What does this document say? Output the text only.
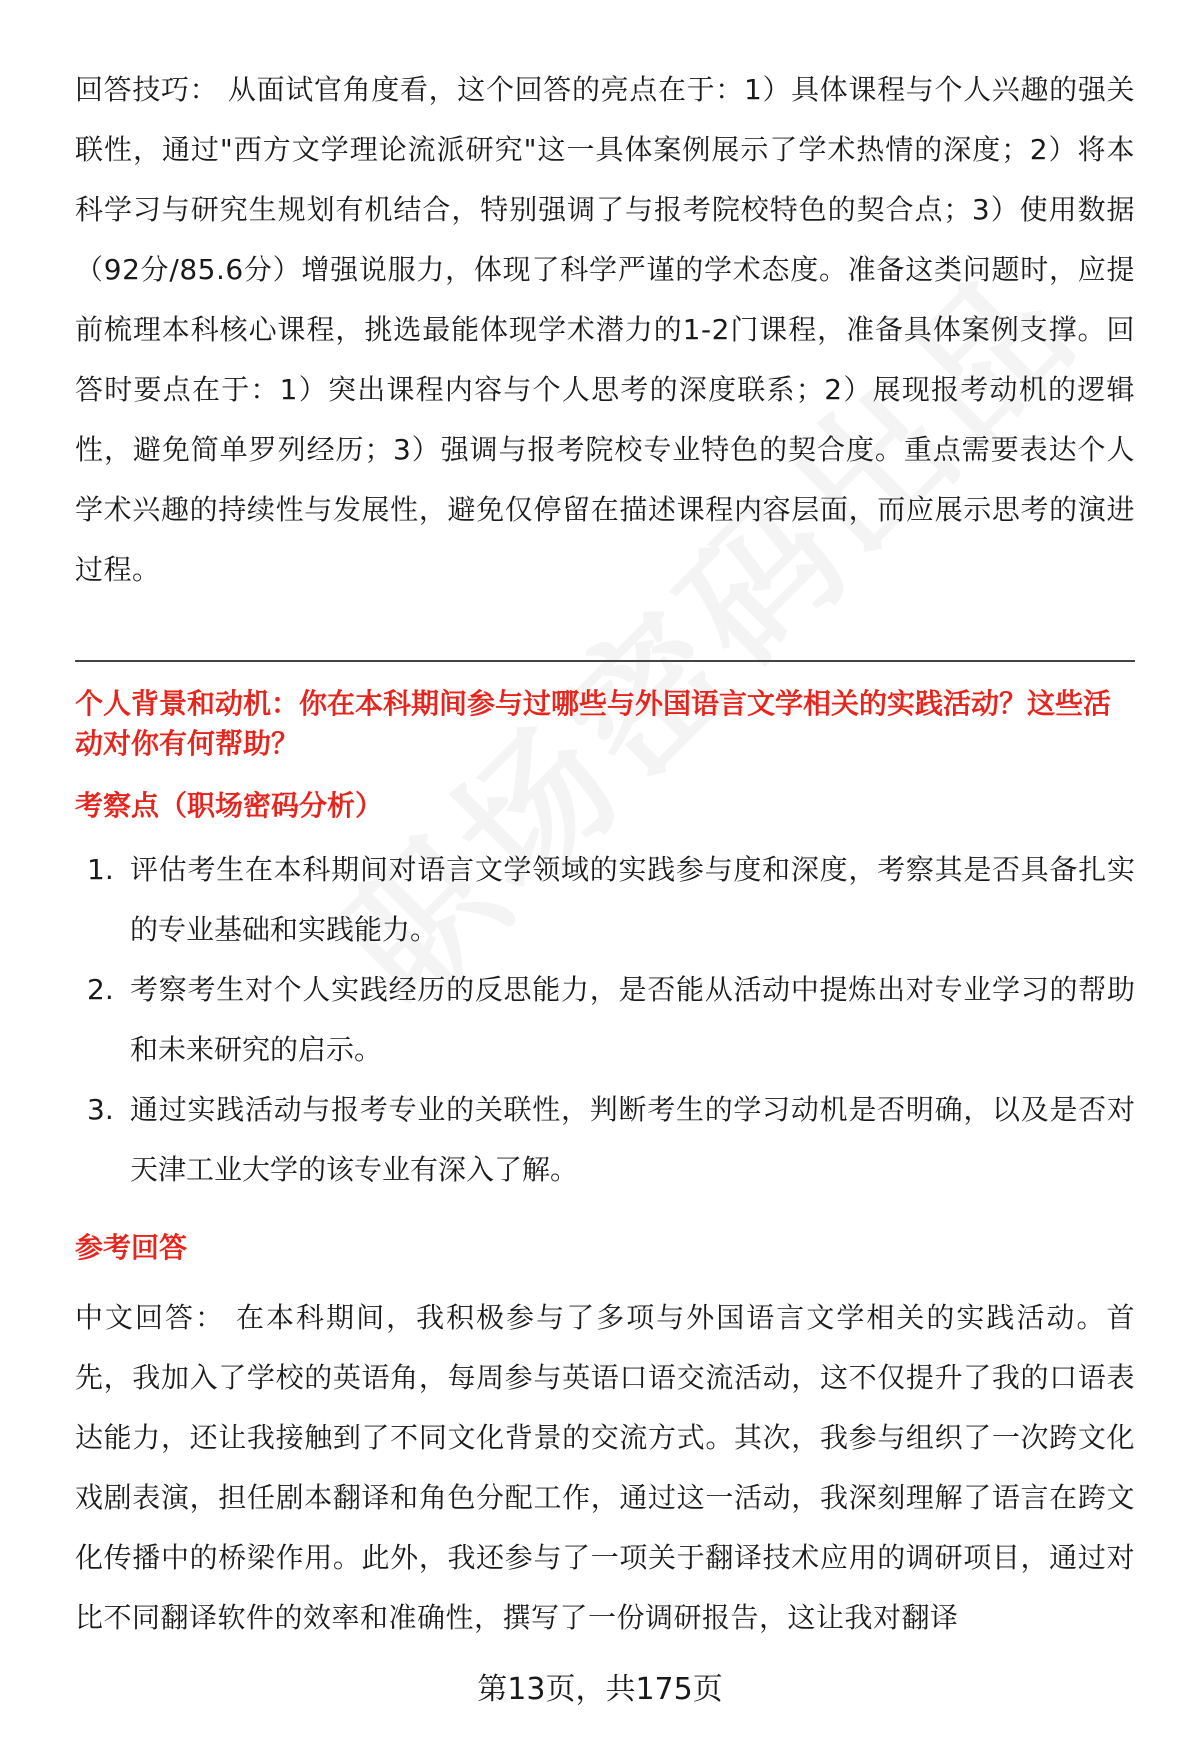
回答技巧： 从面试官角度看，这个回答的亮点在于：1）具体课程与个人兴趣的强关联性，通过"西方文学理论流派研究"这一具体案例展示了学术热情的深度；2）将本科学习与研究生规划有机结合，特别强调了与报考院校特色的契合点；3）使用数据（92分/85.6分）增强说服力，体现了科学严谨的学术态度。准备这类问题时，应提前梳理本科核心课程，挑选最能体现学术潜力的1-2门课程，准备具体案例支撑。回答时要点在于：1）突出课程内容与个人思考的深度联系；2）展现报考动机的逻辑性，避免简单罗列经历；3）强调与报考院校专业特色的契合度。重点需要表达个人学术兴趣的持续性与发展性，避免仅停留在描述课程内容层面，而应展示思考的演进过程。

个人背景和动机：你在本科期间参与过哪些与外国语言文学相关的实践活动？这些活动对你有何帮助？

考察点（职场密码分析）

1. 评估考生在本科期间对语言文学领域的实践参与度和深度，考察其是否具备扎实的专业基础和实践能力。
2. 考察考生对个人实践经历的反思能力，是否能从活动中提炼出对专业学习的帮助和未来研究的启示。
3. 通过实践活动与报考专业的关联性，判断考生的学习动机是否明确，以及是否对天津工业大学的该专业有深入了解。

参考回答

中文回答： 在本科期间，我积极参与了多项与外国语言文学相关的实践活动。首先，我加入了学校的英语角，每周参与英语口语交流活动，这不仅提升了我的口语表达能力，还让我接触到了不同文化背景的交流方式。其次，我参与组织了一次跨文化戏剧表演，担任剧本翻译和角色分配工作，通过这一活动，我深刻理解了语言在跨文化传播中的桥梁作用。此外，我还参与了一项关于翻译技术应用的调研项目，通过对比不同翻译软件的效率和准确性，撰写了一份调研报告，这让我对翻译

第13页，共175页
